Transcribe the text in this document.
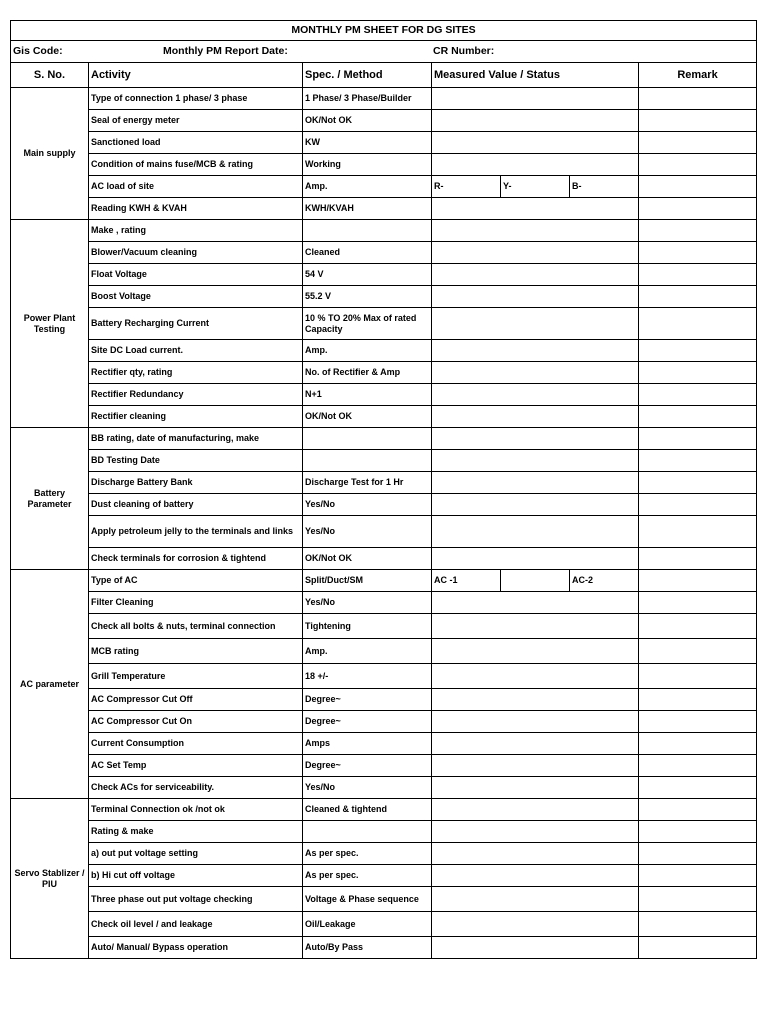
MONTHLY PM SHEET FOR DG SITES						
Gis Code: Monthly PM Report Date: CR Number:						
S. No.	Activity	Spec. / Method	Measured Value / Status			Remark
Main supply	Type of connection 1 phase/ 3 phase	1 Phase/ 3 Phase/Builder				
	Seal of energy meter	OK/Not OK				
	Sanctioned load	KW				
	Condition of mains fuse/MCB & rating	Working				
	AC load of site	Amp.	R-	Y-	B-	
	Reading KWH & KVAH	KWH/KVAH				
Power Plant Testing	Make , rating					
	Blower/Vacuum cleaning	Cleaned				
	Float Voltage	54 V				
	Boost Voltage	55.2 V				
	Battery Recharging Current	10 % TO 20% Max of rated Capacity				
	Site DC Load current.	Amp.				
	Rectifier qty, rating	No. of Rectifier & Amp				
	Rectifier Redundancy	N+1				
	Rectifier cleaning	OK/Not OK				
Battery Parameter	BB rating, date of manufacturing, make					
	BD Testing Date					
	Discharge Battery Bank	Discharge Test for 1 Hr				
	Dust cleaning of battery	Yes/No				
	Apply petroleum jelly to the terminals and links	Yes/No				
	Check terminals for corrosion & tightend	OK/Not OK				
AC parameter	Type of AC	Split/Duct/SM	AC -1		AC-2	
	Filter Cleaning	Yes/No				
	Check all bolts & nuts, terminal connection	Tightening				
	MCB rating	Amp.				
	Grill Temperature	18 +/-				
	AC Compressor Cut Off	Degree~				
	AC Compressor Cut On	Degree~				
	Current Consumption	Amps				
	AC Set Temp	Degree~				
	Check ACs for serviceability.	Yes/No				
Servo Stablizer / PIU	Terminal Connection ok /not ok	Cleaned & tightend				
	Rating & make					
	a) out put voltage setting	As per spec.				
	b) Hi cut off voltage	As per spec.				
	Three phase out put voltage checking	Voltage & Phase sequence				
	Check oil level / and leakage	Oil/Leakage				
	Auto/ Manual/ Bypass operation	Auto/By Pass				
